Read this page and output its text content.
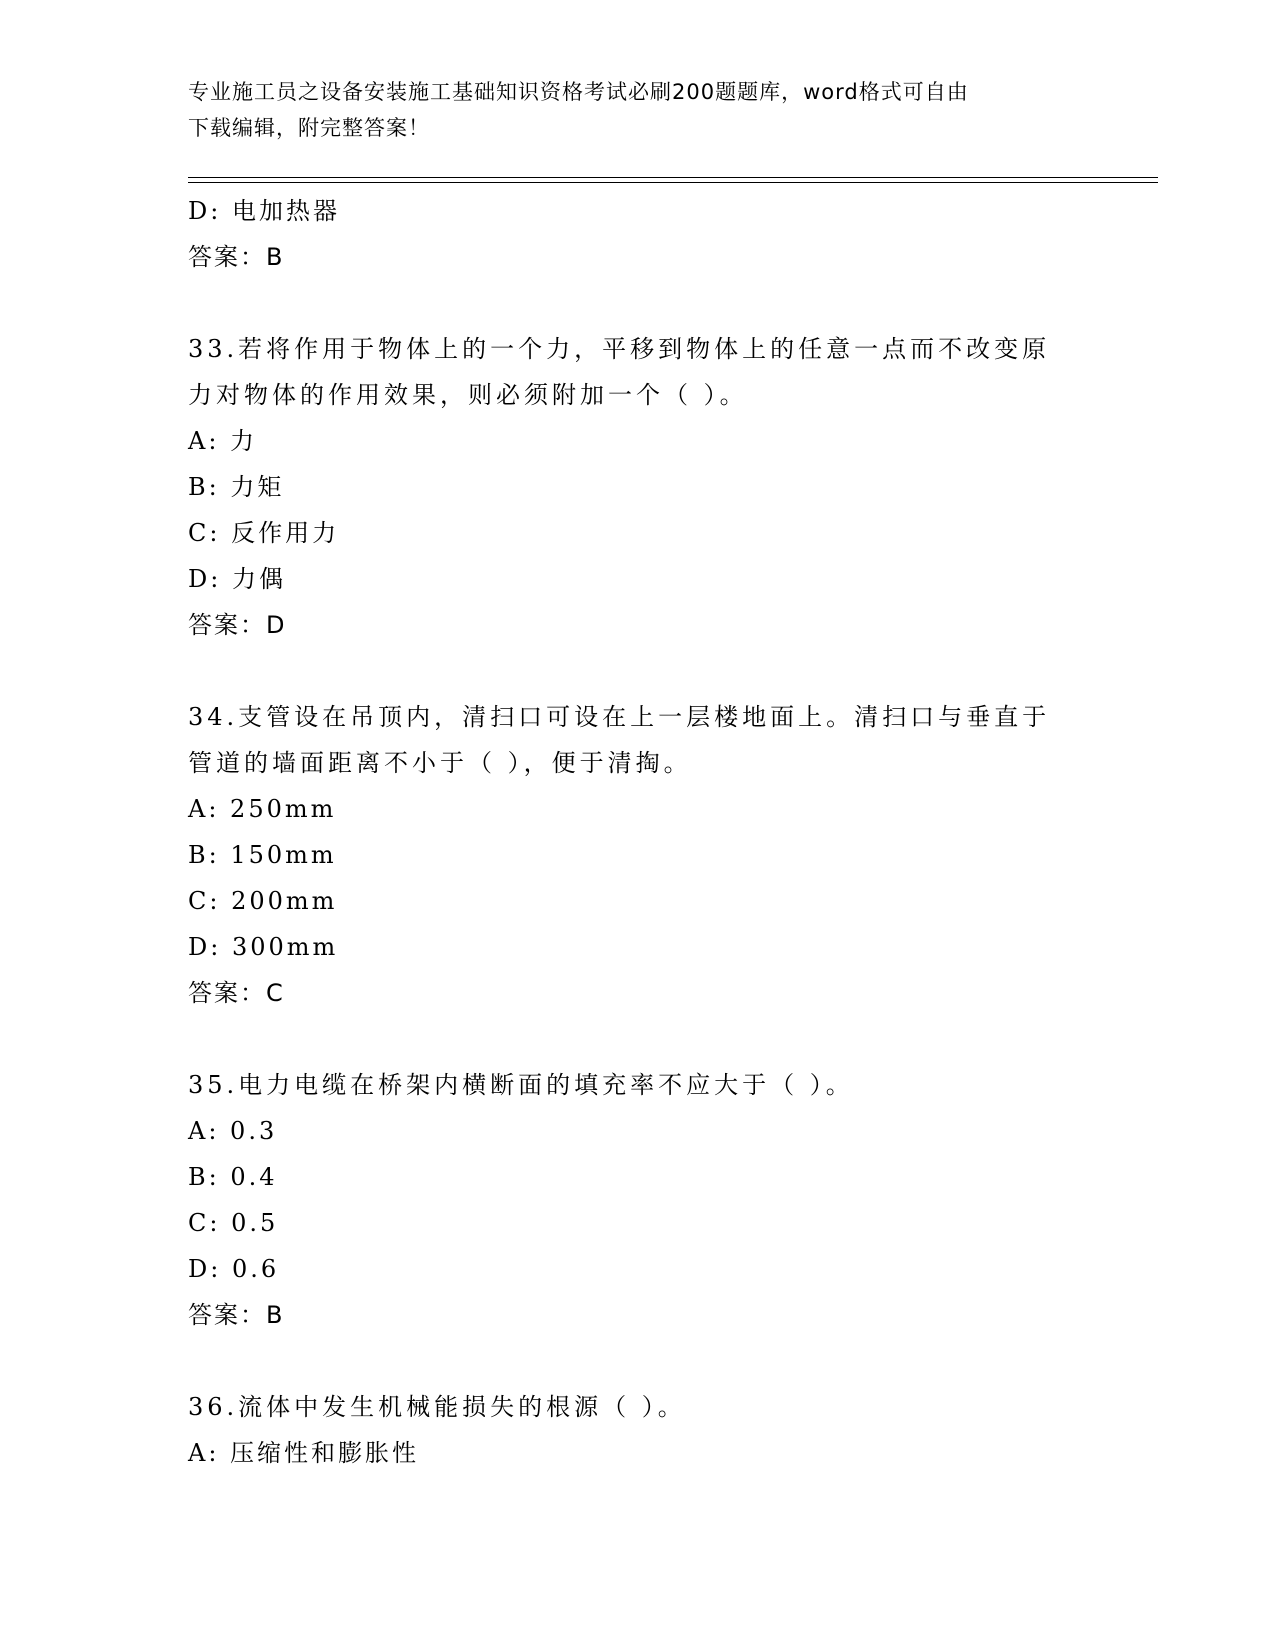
专业施工员之设备安装施工基础知识资格考试必刷200题题库，word格式可自由
下载编辑，附完整答案！
D: 电加热器
答案：B
33.若将作用于物体上的一个力，平移到物体上的任意一点而不改变原
力对物体的作用效果，则必须附加一个（ ）。
A: 力
B: 力矩
C: 反作用力
D: 力偶
答案：D
34.支管设在吊顶内，清扫口可设在上一层楼地面上。清扫口与垂直于
管道的墙面距离不小于（ ），便于清掏。
A: 250mm
B: 150mm
C: 200mm
D: 300mm
答案：C
35.电力电缆在桥架内横断面的填充率不应大于（ ）。
A: 0.3
B: 0.4
C: 0.5
D: 0.6
答案：B
36.流体中发生机械能损失的根源（ ）。
A: 压缩性和膨胀性
